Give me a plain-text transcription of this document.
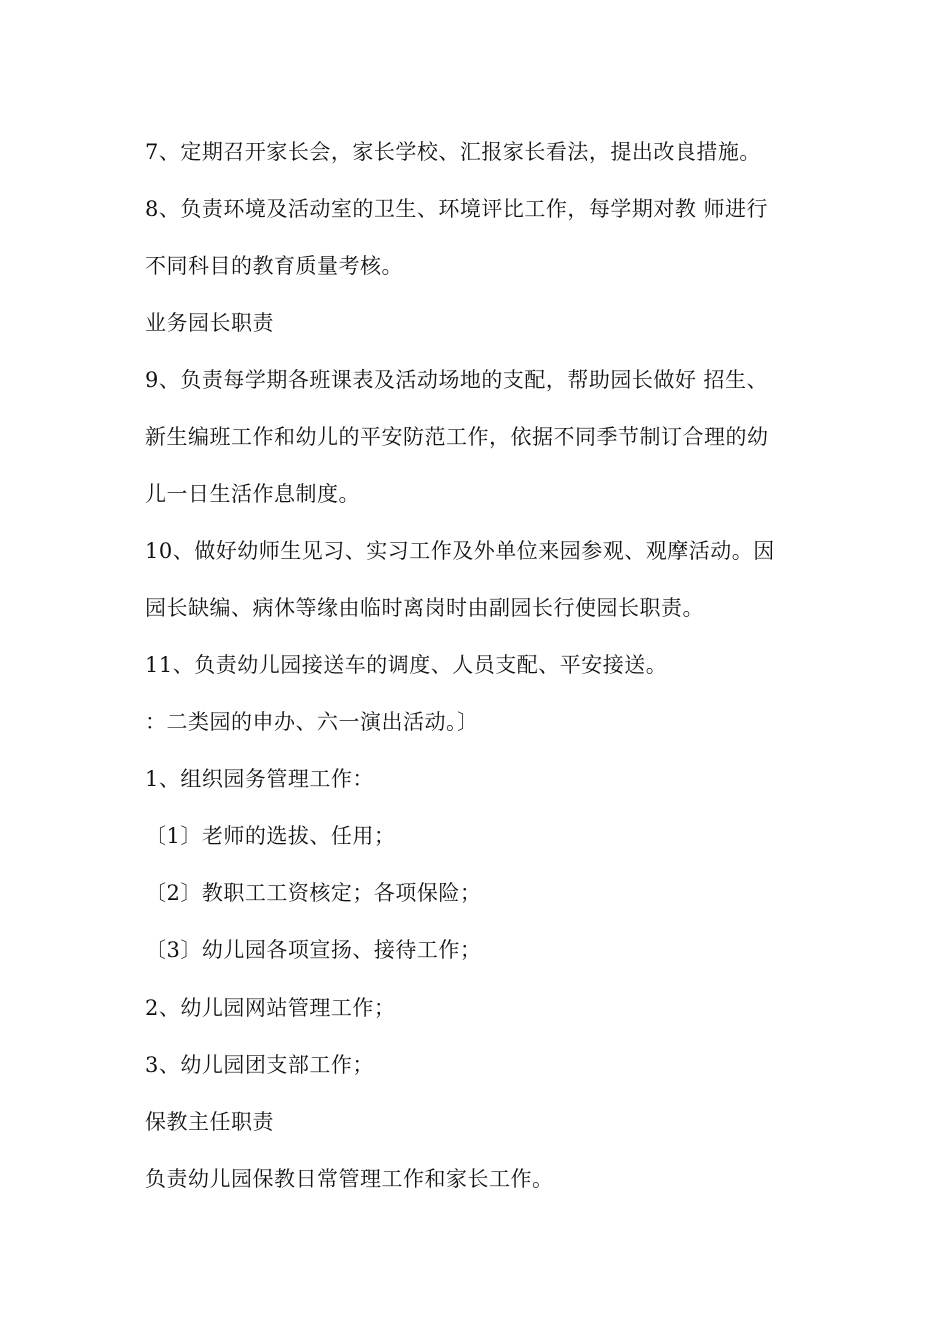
7、定期召开家长会，家长学校、汇报家长看法，提出改良措施。
8、负责环境及活动室的卫生、环境评比工作，每学期对教 师进行
不同科目的教育质量考核。
业务园长职责
9、负责每学期各班课表及活动场地的支配，帮助园长做好 招生、
新生编班工作和幼儿的平安防范工作，依据不同季节制订合理的幼
儿一日生活作息制度。
10、做好幼师生见习、实习工作及外单位来园参观、观摩活动。因
园长缺编、病休等缘由临时离岗时由副园长行使园长职责。
11、负责幼儿园接送车的调度、人员支配、平安接送。
：二类园的申办、六一演出活动。〕
1、组织园务管理工作：
〔1〕老师的选拔、任用；
〔2〕教职工工资核定；各项保险；
〔3〕幼儿园各项宣扬、接待工作；
2、幼儿园网站管理工作；
3、幼儿园团支部工作；
保教主任职责
负责幼儿园保教日常管理工作和家长工作。
